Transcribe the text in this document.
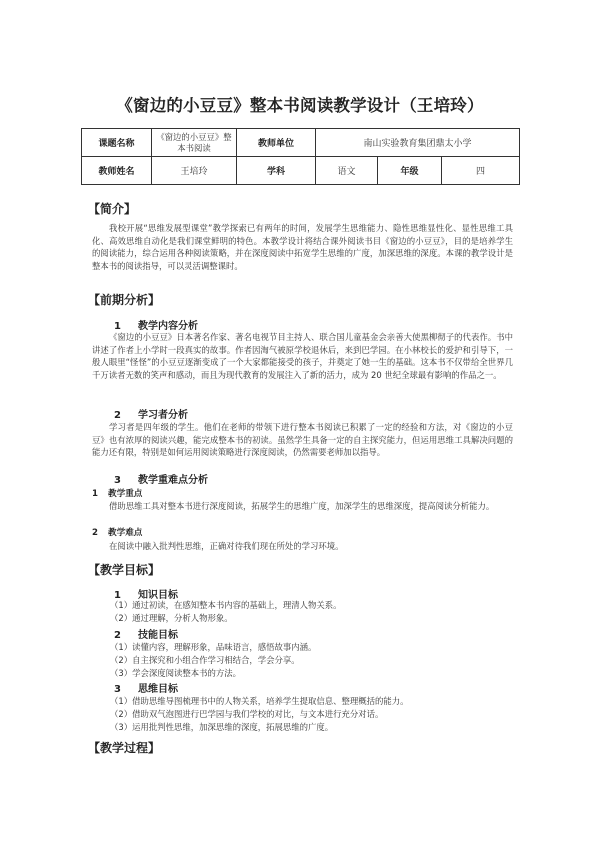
《窗边的小豆豆》整本书阅读教学设计（王培玲）
课题名称	《窗边的小豆豆》整本书阅读	教师单位	南山实验教育集团鼎太小学		
教师姓名	王培玲	学科	语文	年级	四
【简介】
我校开展“思维发展型课堂”教学探索已有两年的时间，发展学生思维能力、隐性思维显性化、显性思维工具化、高效思维自动化是我们课堂鲜明的特色。本教学设计将结合课外阅读书目《窗边的小豆豆》，目的是培养学生的阅读能力，综合运用各种阅读策略，并在深度阅读中拓宽学生思维的广度，加深思维的深度。本课的教学设计是整本书的阅读指导，可以灵活调整课时。
【前期分析】
1 教学内容分析
《窗边的小豆豆》日本著名作家、著名电视节目主持人、联合国儿童基金会亲善大使黑柳彻子的代表作。书中讲述了作者上小学时一段真实的故事。作者因淘气被原学校退休后，来到巴学园。在小林校长的爱护和引导下，一般人眼里“怪怪”的小豆豆逐渐变成了一个大家都能接受的孩子，并奠定了她一生的基础。这本书不仅带给全世界几千万读者无数的笑声和感动，而且为现代教育的发展注入了新的活力，成为 20 世纪全球最有影响的作品之一。
2 学习者分析
学习者是四年级的学生。他们在老师的带领下进行整本书阅读已积累了一定的经验和方法，对《窗边的小豆豆》也有浓厚的阅读兴趣，能完成整本书的初读。虽然学生具备一定的自主探究能力，但运用思维工具解决问题的能力还有限，特别是如何运用阅读策略进行深度阅读，仍然需要老师加以指导。
3 教学重难点分析
1 教学重点
借助思维工具对整本书进行深度阅读，拓展学生的思维广度，加深学生的思维深度，提高阅读分析能力。
2 教学难点
在阅读中融入批判性思维，正确对待我们现在所处的学习环境。
【教学目标】
1 知识目标
（1）通过初读，在感知整本书内容的基础上，理清人物关系。
（2）通过理解，分析人物形象。
2 技能目标
（1）读懂内容，理解形象，品味语言，感悟故事内涵。
（2）自主探究和小组合作学习相结合，学会分享。
（3）学会深度阅读整本书的方法。
3 思维目标
（1）借助思维导图梳理书中的人物关系，培养学生提取信息、整理概括的能力。
（2）借助双气泡图进行巴学园与我们学校的对比，与文本进行充分对话。
（3）运用批判性思维，加深思维的深度，拓展思维的广度。
【教学过程】
